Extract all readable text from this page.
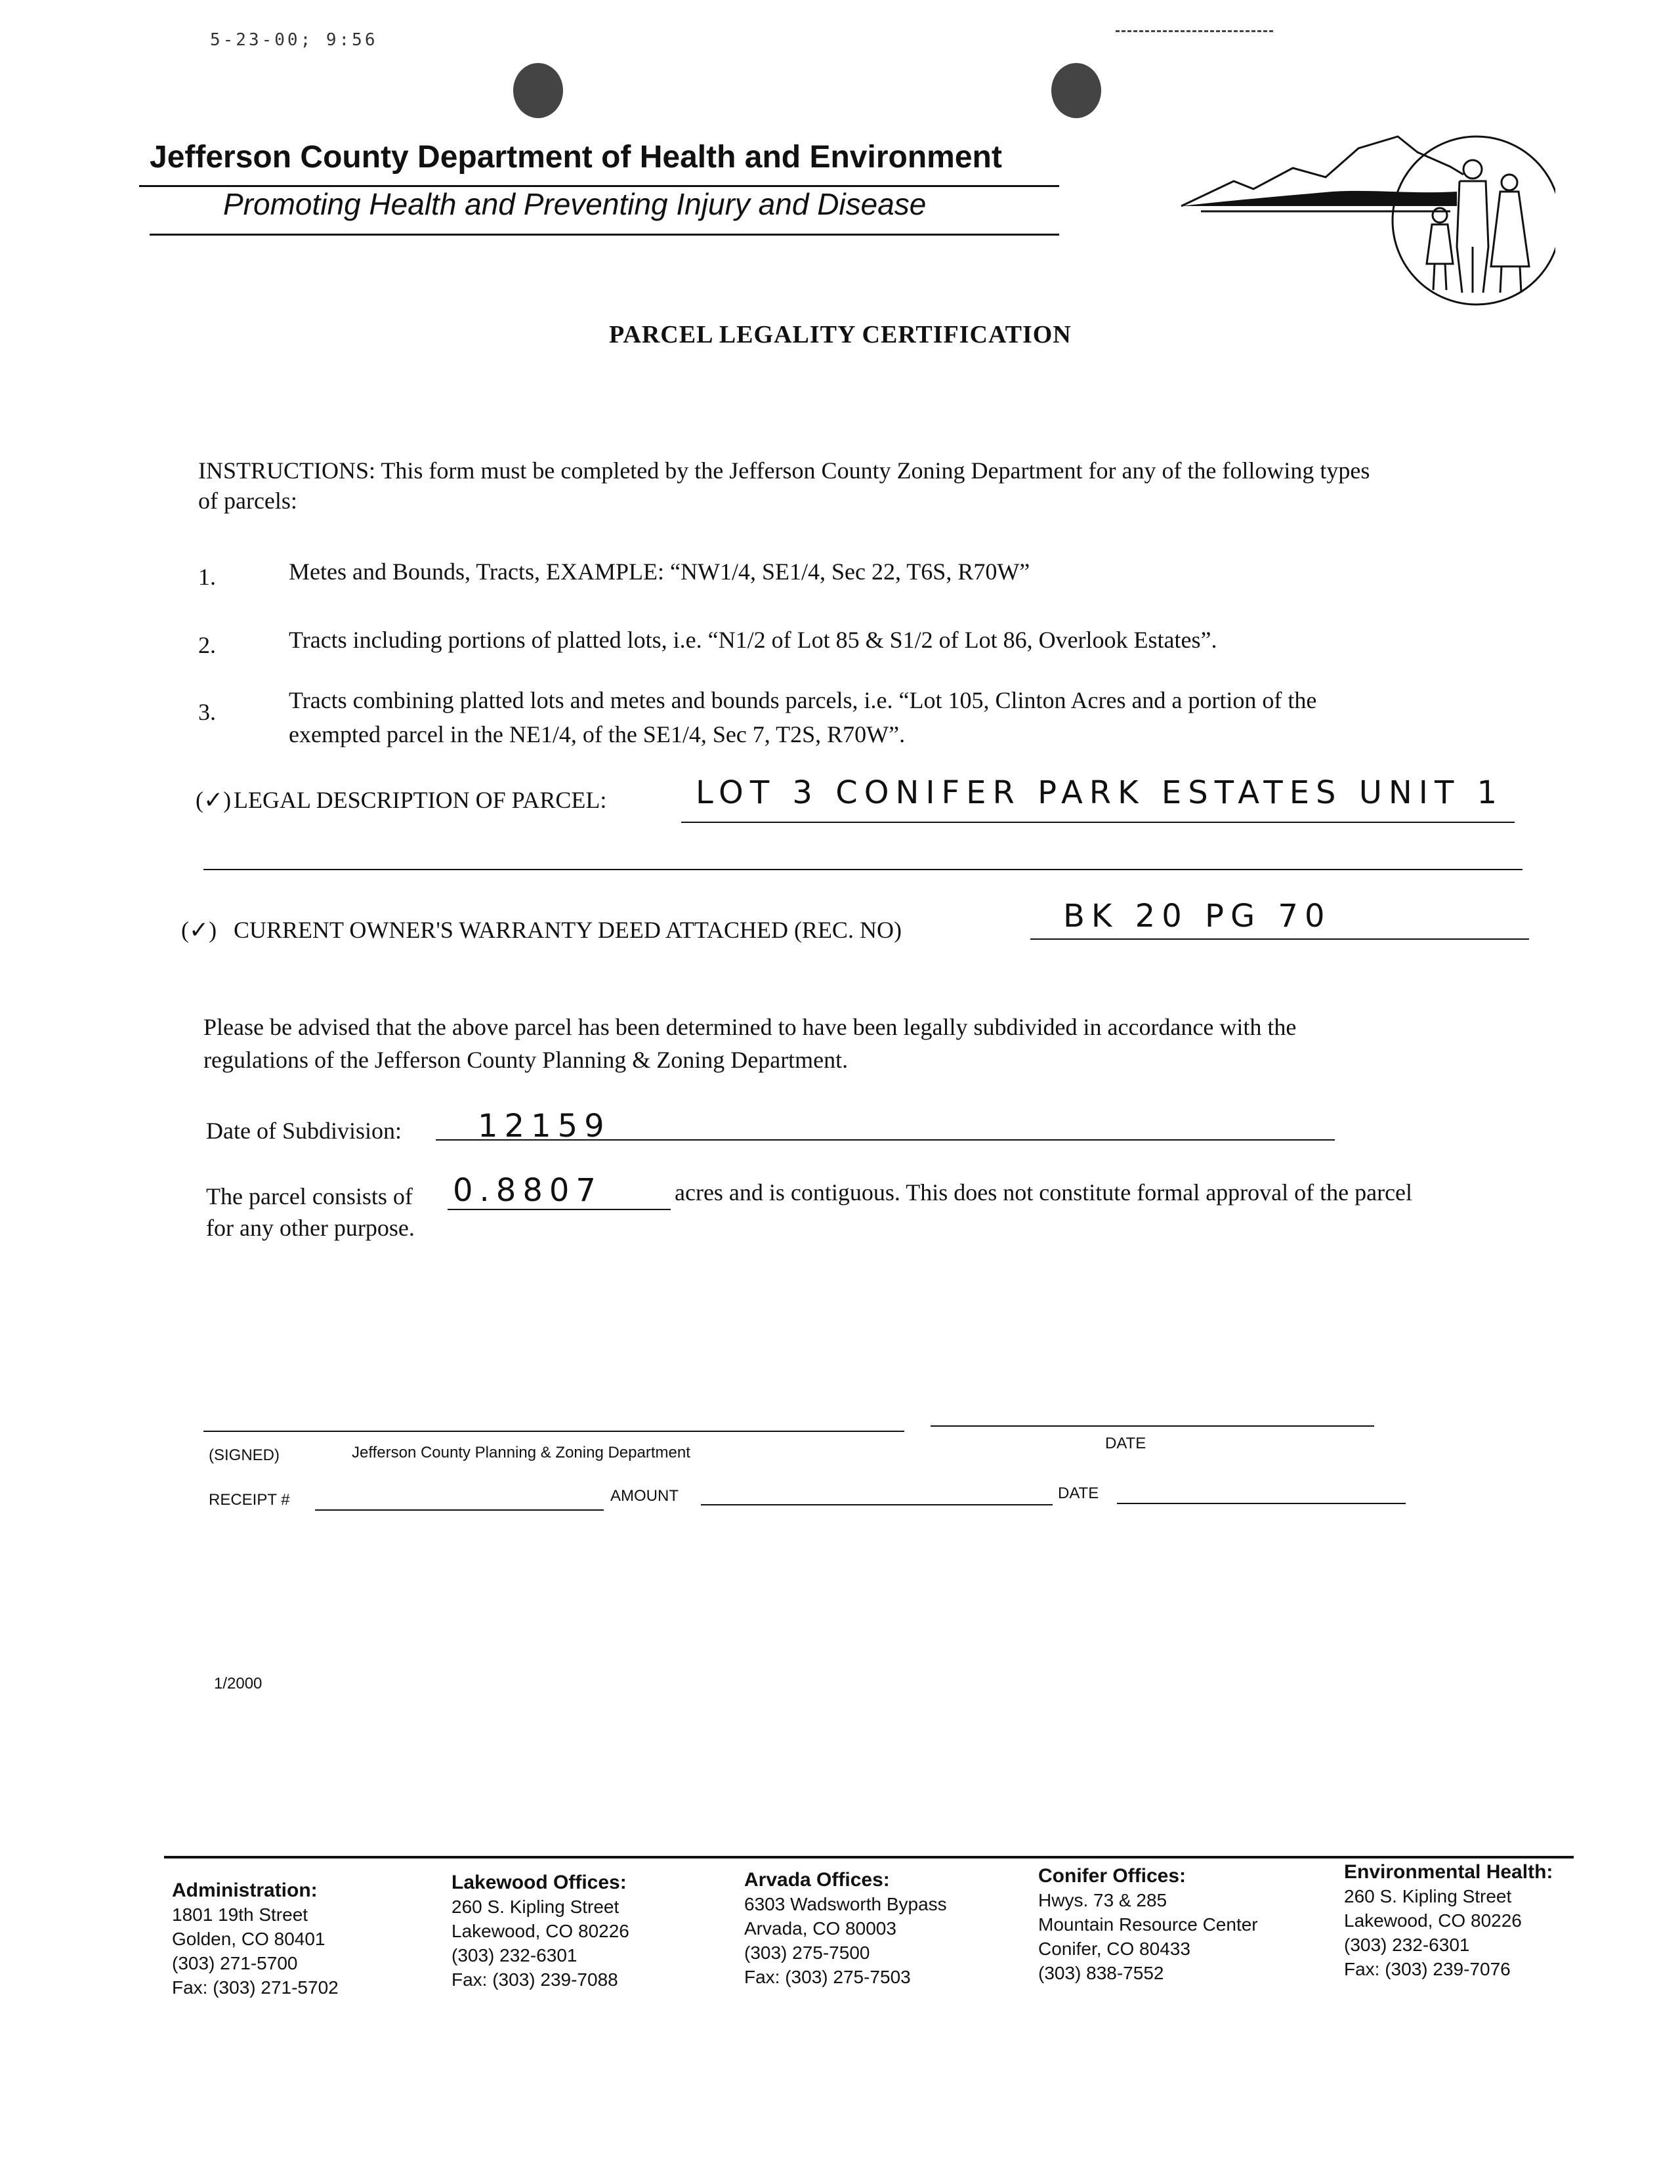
5-23-00; 9:56
Jefferson County Department of Health and Environment
Promoting Health and Preventing Injury and Disease
PARCEL LEGALITY CERTIFICATION
INSTRUCTIONS: This form must be completed by the Jefferson County Zoning Department for any of the following types
of parcels:
1.	Metes and Bounds, Tracts, EXAMPLE: “NW1/4, SE1/4, Sec 22, T6S, R70W”
2.	Tracts including portions of platted lots, i.e. “N1/2 of Lot 85 & S1/2 of Lot 86, Overlook Estates”.
3.	Tracts combining platted lots and metes and bounds parcels, i.e. “Lot 105, Clinton Acres and a portion of the
exempted parcel in the NE1/4, of the SE1/4, Sec 7, T2S, R70W”.
(✓) LEGAL DESCRIPTION OF PARCEL:	LOT 3 CONIFER PARK ESTATES UNIT 1
(✓) CURRENT OWNER'S WARRANTY DEED ATTACHED (REC. NO)	BK 20 PG 70
Please be advised that the above parcel has been determined to have been legally subdivided in accordance with the
regulations of the Jefferson County Planning & Zoning Department.
Date of Subdivision: 12159
The parcel consists of 0.8807	acres and is contiguous. This does not constitute formal approval of the parcel
for any other purpose.
(SIGNED)	Jefferson County Planning & Zoning Department
DATE
RECEIPT #	AMOUNT	DATE
1/2000
Administration:
1801 19th Street
Golden, CO 80401
(303) 271-5700
Fax: (303) 271-5702
Lakewood Offices:
260 S. Kipling Street
Lakewood, CO 80226
(303) 232-6301
Fax: (303) 239-7088
Arvada Offices:
6303 Wadsworth Bypass
Arvada, CO 80003
(303) 275-7500
Fax: (303) 275-7503
Conifer Offices:
Hwys. 73 & 285
Mountain Resource Center
Conifer, CO 80433
(303) 838-7552
Environmental Health:
260 S. Kipling Street
Lakewood, CO 80226
(303) 232-6301
Fax: (303) 239-7076
